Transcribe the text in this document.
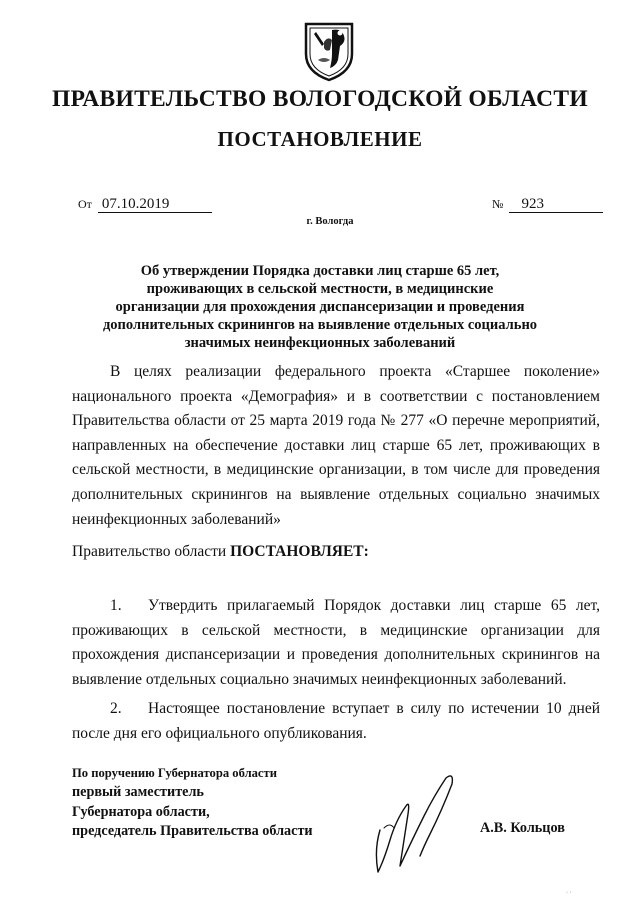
ПРАВИТЕЛЬСТВО ВОЛОГОДСКОЙ ОБЛАСТИ
ПОСТАНОВЛЕНИЕ
От 07.10.2019	№ 923
г. Вологда
Об утверждении Порядка доставки лиц старше 65 лет,
проживающих в сельской местности, в медицинские
организации для прохождения диспансеризации и проведения
дополнительных скринингов на выявление отдельных социально
значимых неинфекционных заболеваний

В целях реализации федерального проекта «Старшее поколение» национального проекта «Демография» и в соответствии с постановлением Правительства области от 25 марта 2019 года № 277 «О перечне мероприятий, направленных на обеспечение доставки лиц старше 65 лет, проживающих в сельской местности, в медицинские организации, в том числе для проведения дополнительных скринингов на выявление отдельных социально значимых неинфекционных заболеваний»

Правительство области ПОСТАНОВЛЯЕТ:

1. Утвердить прилагаемый Порядок доставки лиц старше 65 лет, проживающих в сельской местности, в медицинские организации для прохождения диспансеризации и проведения дополнительных скринингов на выявление отдельных социально значимых неинфекционных заболеваний.

2. Настоящее постановление вступает в силу по истечении 10 дней после дня его официального опубликования.

По поручению Губернатора области
первый заместитель
Губернатора области,
председатель Правительства области	А.В. Кольцов
· ·
